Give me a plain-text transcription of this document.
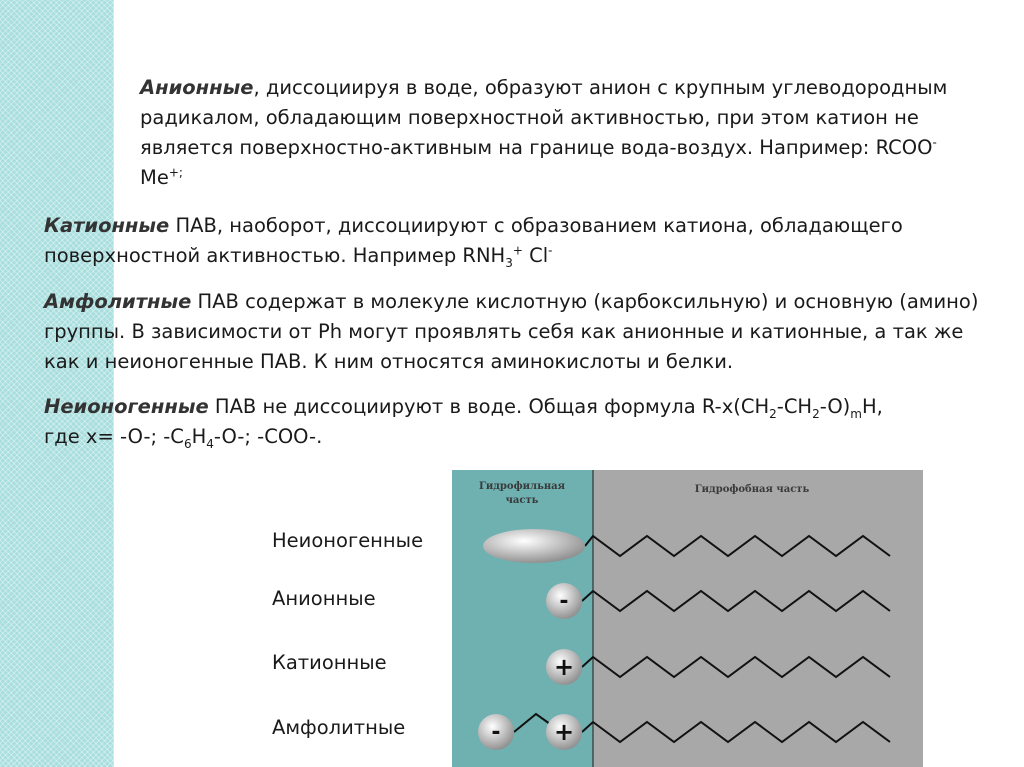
Анионные, диссоциируя в воде, образуют анион с крупным углеводородным радикалом, обладающим поверхностной активностью, при этом катион не является поверхностно-активным на границе вода-воздух. Например: RCOO-
Me+;

Катионные ПАВ, наоборот, диссоциируют с образованием катиона, обладающего поверхностной активностью. Например $RNH_3^+$ Cl-

Амфолитные ПАВ содержат в молекуле кислотную (карбоксильную) и основную (амино) группы. В зависимости от Ph могут проявлять себя как анионные и катионные, а так же как и неионогенные ПАВ. К ним относятся аминокислоты и белки.

Неионогенные ПАВ не диссоциируют в воде. Общая формула $R-x(CH_2-CH_2-O)_mH$,
где x= -O-; $-C_6H_4-O-$; -COO-.

Неионогенные
Анионные
Катионные
Амфолитные
Гидрофильная
часть
Гидрофобная часть
-
+
- +
